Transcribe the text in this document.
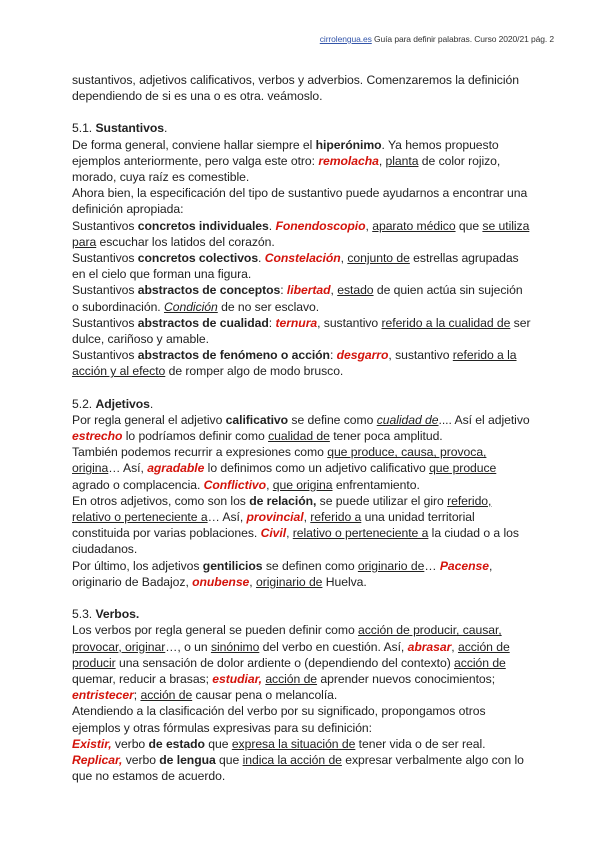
cirrolengua.es Guía para definir palabras. Curso 2020/21 pág. 2

sustantivos, adjetivos calificativos, verbos y adverbios. Comenzaremos la definición dependiendo de si es una o es otra. veámoslo.

5.1. Sustantivos.

De forma general, conviene hallar siempre el hiperónimo. Ya hemos propuesto ejemplos anteriormente, pero valga este otro: remolacha, planta de color rojizo, morado, cuya raíz es comestible.

Ahora bien, la especificación del tipo de sustantivo puede ayudarnos a encontrar una definición apropiada:

Sustantivos concretos individuales. Fonendoscopio, aparato médico que se utiliza para escuchar los latidos del corazón.

Sustantivos concretos colectivos. Constelación, conjunto de estrellas agrupadas en el cielo que forman una figura.

Sustantivos abstractos de conceptos: libertad, estado de quien actúa sin sujeción o subordinación. Condición de no ser esclavo.

Sustantivos abstractos de cualidad: ternura, sustantivo referido a la cualidad de ser dulce, cariñoso y amable.

Sustantivos abstractos de fenómeno o acción: desgarro, sustantivo referido a la acción y al efecto de romper algo de modo brusco.

5.2. Adjetivos.

Por regla general el adjetivo calificativo se define como cualidad de.... Así el adjetivo estrecho lo podríamos definir como cualidad de tener poca amplitud.

También podemos recurrir a expresiones como que produce, causa, provoca, origina… Así, agradable lo definimos como un adjetivo calificativo que produce agrado o complacencia. Conflictivo, que origina enfrentamiento.

En otros adjetivos, como son los de relación, se puede utilizar el giro referido, relativo o perteneciente a… Así, provincial, referido a una unidad territorial constituida por varias poblaciones. Civil, relativo o perteneciente a la ciudad o a los ciudadanos.

Por último, los adjetivos gentilicios se definen como originario de… Pacense, originario de Badajoz, onubense, originario de Huelva.

5.3. Verbos.

Los verbos por regla general se pueden definir como acción de producir, causar, provocar, originar…, o un sinónimo del verbo en cuestión. Así, abrasar, acción de producir una sensación de dolor ardiente o (dependiendo del contexto) acción de quemar, reducir a brasas; estudiar, acción de aprender nuevos conocimientos; entristecer; acción de causar pena o melancolía.

Atendiendo a la clasificación del verbo por su significado, propongamos otros ejemplos y otras fórmulas expresivas para su definición:

Existir, verbo de estado que expresa la situación de tener vida o de ser real.

Replicar, verbo de lengua que indica la acción de expresar verbalmente algo con lo que no estamos de acuerdo.
